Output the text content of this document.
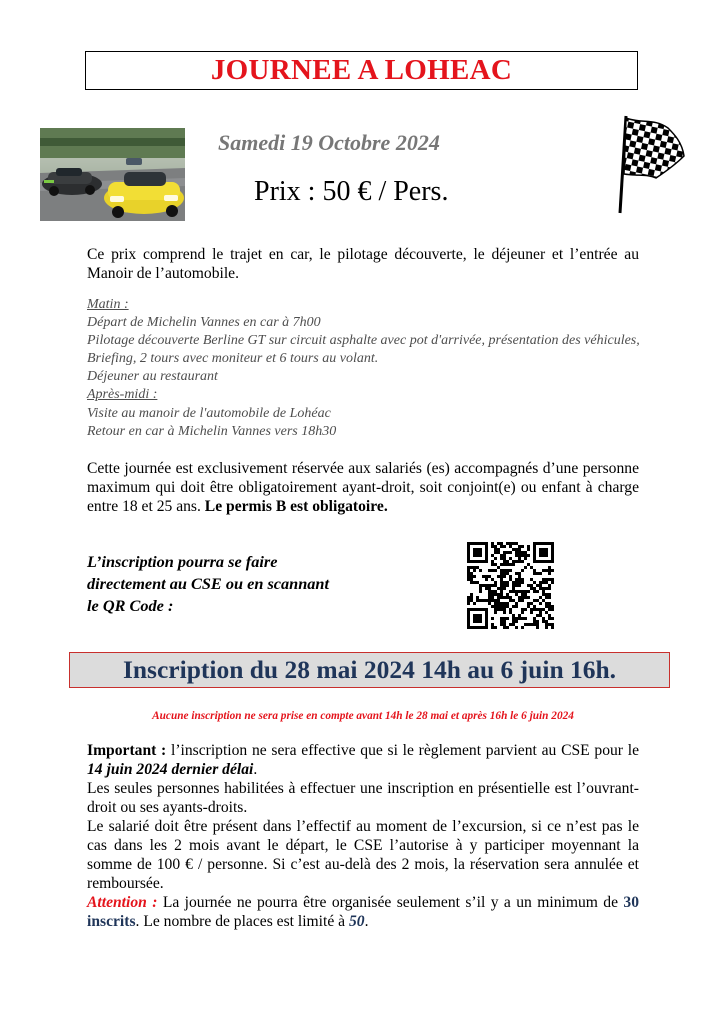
JOURNEE A LOHEAC
Samedi 19 Octobre 2024
Prix : 50 € / Pers.
Ce prix comprend le trajet en car, le pilotage découverte, le déjeuner et l’entrée au Manoir de l’automobile.

Matin :

Départ de Michelin Vannes en car à 7h00

Pilotage découverte Berline GT sur circuit asphalte avec pot d'arrivée, présentation des véhicules, Briefing, 2 tours avec moniteur et 6 tours au volant.

Déjeuner au restaurant

Après-midi :

Visite au manoir de l'automobile de Lohéac

Retour en car à Michelin Vannes vers 18h30

Cette journée est exclusivement réservée aux salariés (es) accompagnés d’une personne maximum qui doit être obligatoirement ayant-droit, soit conjoint(e) ou enfant à charge entre 18 et 25 ans. Le permis B est obligatoire.

L’inscription pourra se faire

directement au CSE ou en scannant

le QR Code :

Inscription du 28 mai 2024 14h au 6 juin 16h.
Aucune inscription ne sera prise en compte avant 14h le 28 mai et après 16h le 6 juin 2024

Important : l’inscription ne sera effective que si le règlement parvient au CSE pour le 14 juin 2024 dernier délai.

Les seules personnes habilitées à effectuer une inscription en présentielle est l’ouvrant-droit ou ses ayants-droits.

Le salarié doit être présent dans l’effectif au moment de l’excursion, si ce n’est pas le cas dans les 2 mois avant le départ, le CSE l’autorise à y participer moyennant la somme de 100 € / personne. Si c’est au-delà des 2 mois, la réservation sera annulée et remboursée.

Attention : La journée ne pourra être organisée seulement s’il y a un minimum de 30 inscrits. Le nombre de places est limité à 50.
